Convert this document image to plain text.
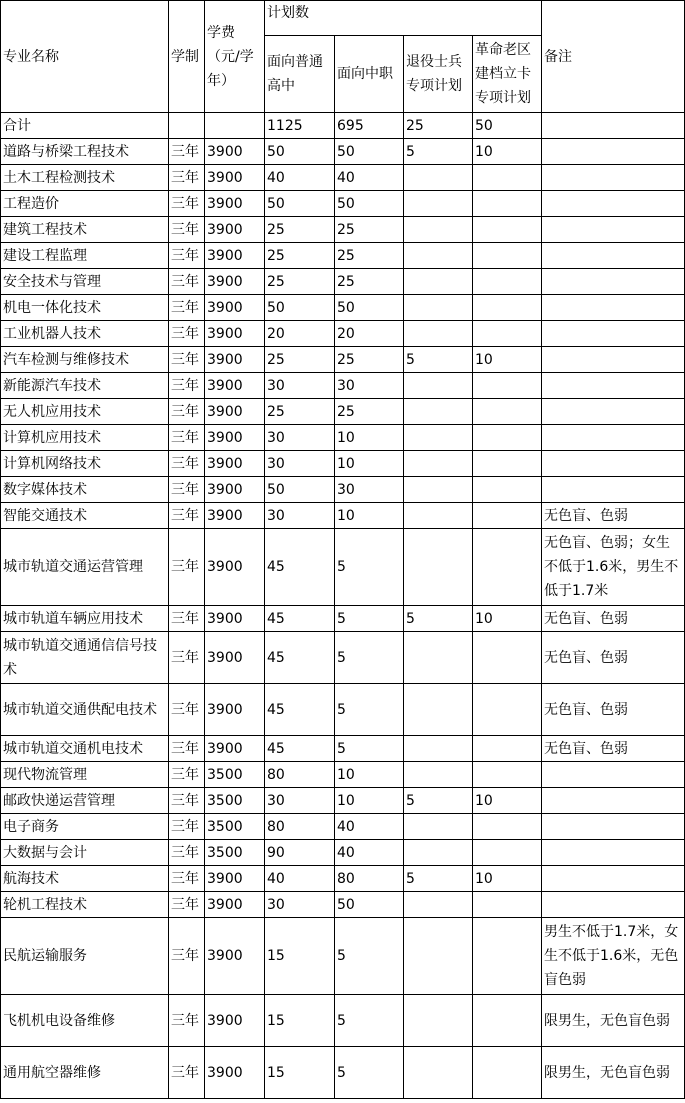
专业名称	学制	学费（元/学年）	计划数				备注
			面向普通高中	面向中职	退役士兵专项计划	革命老区建档立卡专项计划	
合计			1125	695	25	50	
道路与桥梁工程技术	三年	3900	50	50	5	10	
土木工程检测技术	三年	3900	40	40			
工程造价	三年	3900	50	50			
建筑工程技术	三年	3900	25	25			
建设工程监理	三年	3900	25	25			
安全技术与管理	三年	3900	25	25			
机电一体化技术	三年	3900	50	50			
工业机器人技术	三年	3900	20	20			
汽车检测与维修技术	三年	3900	25	25	5	10	
新能源汽车技术	三年	3900	30	30			
无人机应用技术	三年	3900	25	25			
计算机应用技术	三年	3900	30	10			
计算机网络技术	三年	3900	30	10			
数字媒体技术	三年	3900	50	30			
智能交通技术	三年	3900	30	10			无色盲、色弱
城市轨道交通运营管理	三年	3900	45	5			无色盲、色弱；女生不低于1.6米，男生不低于1.7米
城市轨道车辆应用技术	三年	3900	45	5	5	10	无色盲、色弱
城市轨道交通通信信号技术	三年	3900	45	5			无色盲、色弱
城市轨道交通供配电技术	三年	3900	45	5			无色盲、色弱
城市轨道交通机电技术	三年	3900	45	5			无色盲、色弱
现代物流管理	三年	3500	80	10			
邮政快递运营管理	三年	3500	30	10	5	10	
电子商务	三年	3500	80	40			
大数据与会计	三年	3500	90	40			
航海技术	三年	3900	40	80	5	10	
轮机工程技术	三年	3900	30	50			
民航运输服务	三年	3900	15	5			男生不低于1.7米，女生不低于1.6米，无色盲色弱
飞机机电设备维修	三年	3900	15	5			限男生，无色盲色弱
通用航空器维修	三年	3900	15	5			限男生，无色盲色弱
